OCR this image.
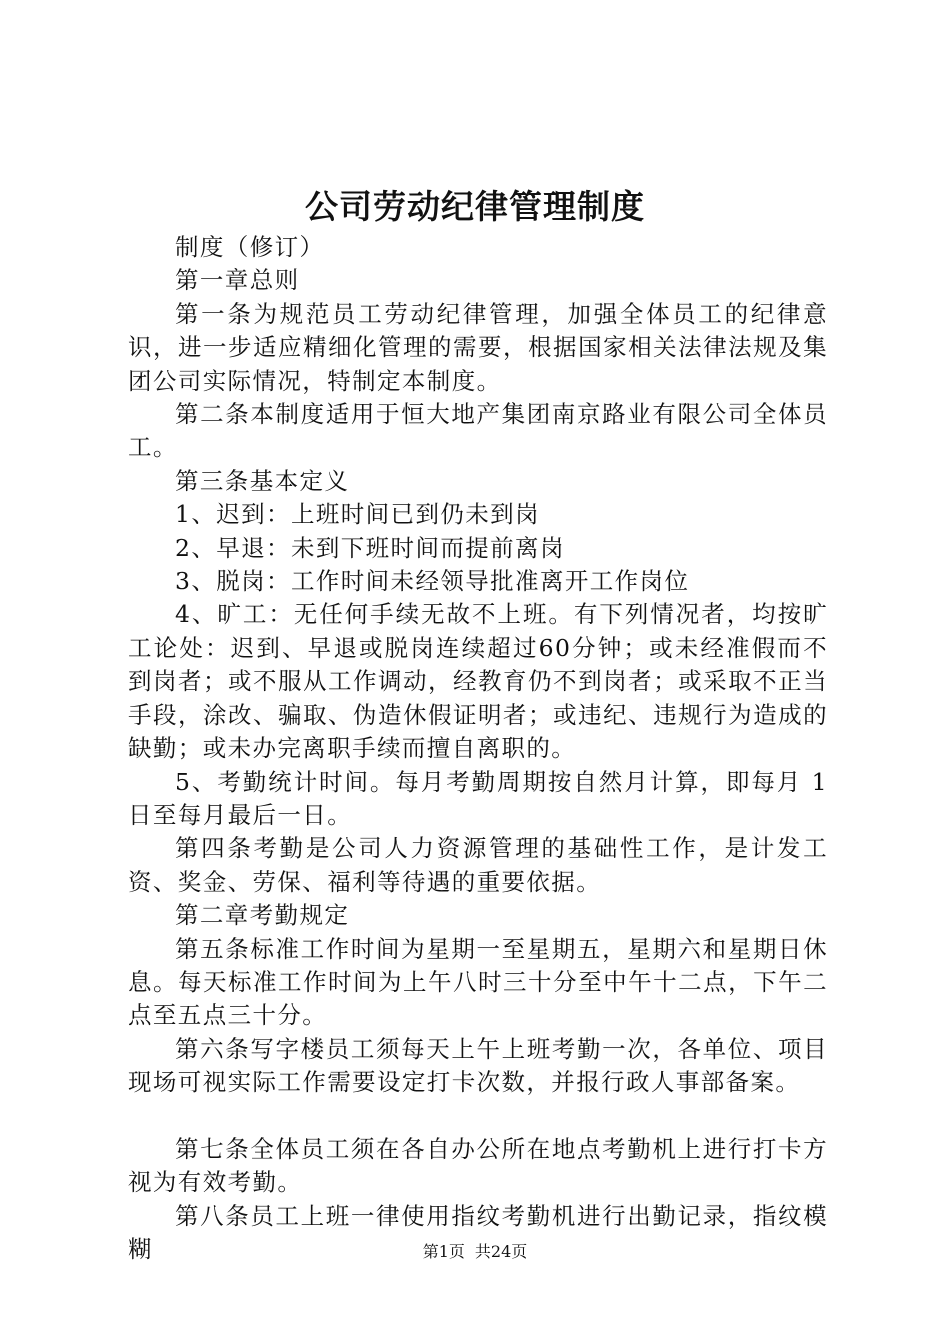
公司劳动纪律管理制度

制度（修订）

第一章总则

第一条为规范员工劳动纪律管理，加强全体员工的纪律意识，进一步适应精细化管理的需要，根据国家相关法律法规及集团公司实际情况，特制定本制度。

第二条本制度适用于恒大地产集团南京路业有限公司全体员工。

第三条基本定义

1、迟到：上班时间已到仍未到岗

2、早退：未到下班时间而提前离岗

3、脱岗：工作时间未经领导批准离开工作岗位

4、旷工：无任何手续无故不上班。有下列情况者，均按旷工论处：迟到、早退或脱岗连续超过60分钟；或未经准假而不到岗者；或不服从工作调动，经教育仍不到岗者；或采取不正当手段，涂改、骗取、伪造休假证明者；或违纪、违规行为造成的缺勤；或未办完离职手续而擅自离职的。

5、考勤统计时间。每月考勤周期按自然月计算，即每月 1日至每月最后一日。

第四条考勤是公司人力资源管理的基础性工作，是计发工资、奖金、劳保、福利等待遇的重要依据。

第二章考勤规定

第五条标准工作时间为星期一至星期五，星期六和星期日休息。每天标准工作时间为上午八时三十分至中午十二点，下午二点至五点三十分。

第六条写字楼员工须每天上午上班考勤一次，各单位、项目现场可视实际工作需要设定打卡次数，并报行政人事部备案。

第七条全体员工须在各自办公所在地点考勤机上进行打卡方视为有效考勤。

第八条员工上班一律使用指纹考勤机进行出勤记录，指纹模糊	第1页 共24页
